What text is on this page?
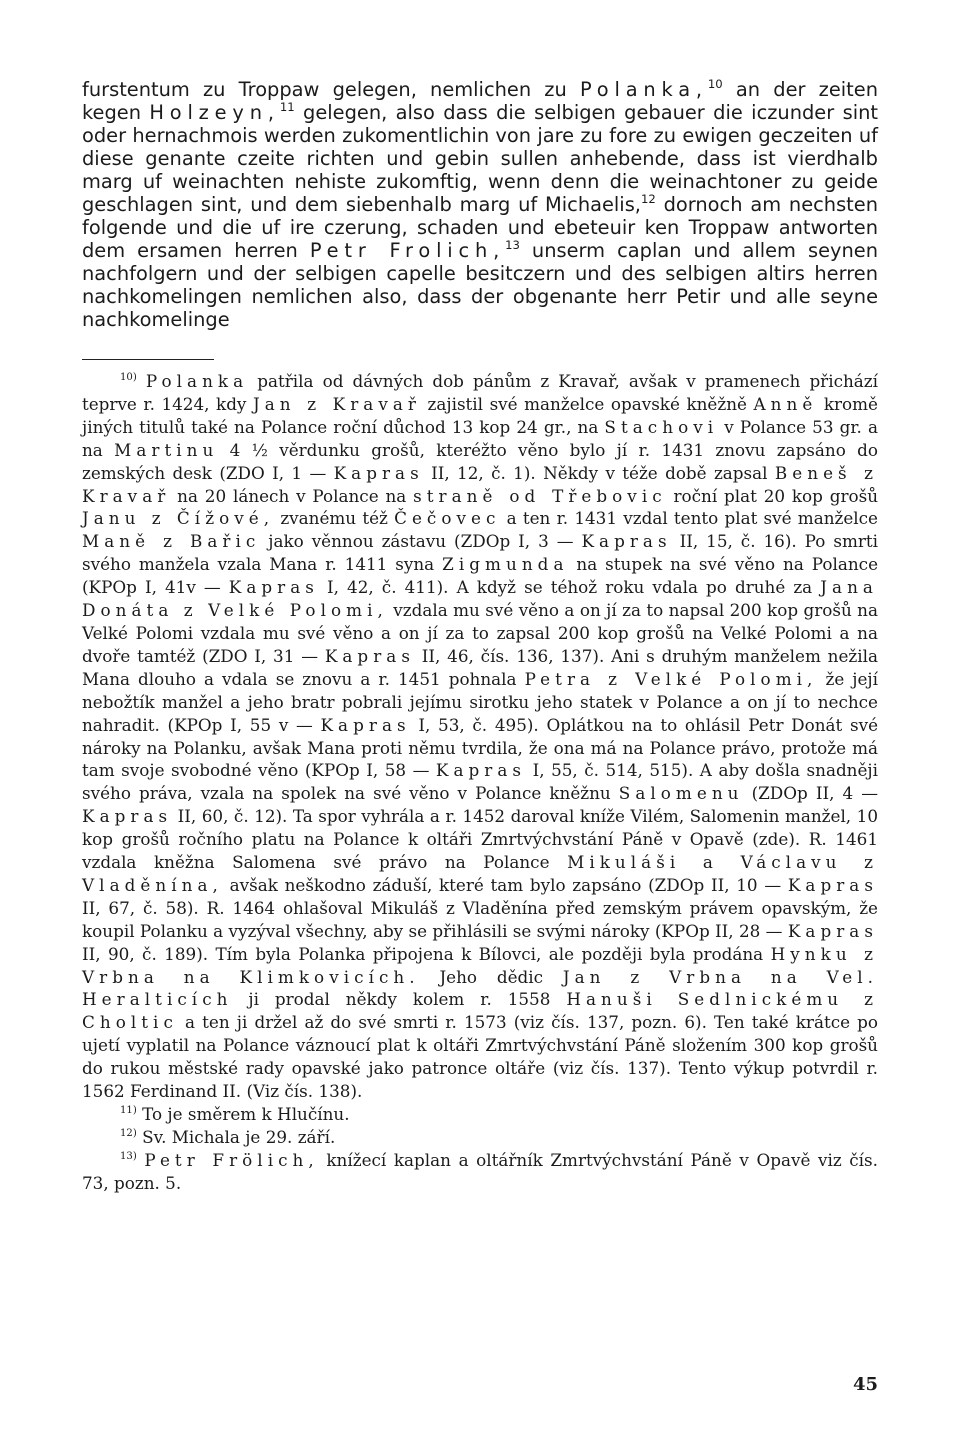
furstentum zu Troppaw gelegen, nemlichen zu Polanka,$^{10}$ an der zeiten kegen Holzeyn,$^{11}$ gelegen, also dass die selbigen gebauer die iczunder sint oder hernachmois werden zukomentlichin von jare zu fore zu ewigen geczeiten uf diese genante czeite richten und gebin sullen anhebende, dass ist vierdhalb marg uf weinachten nehiste zukomftig, wenn denn die weinachtoner zu geide geschlagen sint, und dem siebenhalb marg uf Michaelis,$^{12}$ dornoch am nechsten folgende und die uf ire czerung, schaden und ebeteuir ken Troppaw antworten dem ersamen herren Petr Frolich,$^{13}$ unserm caplan und allem seynen nachfolgern und der selbigen capelle besitczern und des selbigen altirs herren nachkomelingen nemlichen also, dass der obgenante herr Petir und alle seyne nachkomelinge

$^{10)}$ Polanka patřila od dávných dob pánům z Kravař, avšak v pramenech přichází teprve r. 1424, kdy Jan z Kravař zajistil své manželce opavské kněžně Anně kromě jiných titulů také na Polance roční důchod 13 kop 24 gr., na Stachovi v Polance 53 gr. a na Martinu 4 ½ věrdunku grošů, kteréžto věno bylo jí r. 1431 znovu zapsáno do zemských desk (ZDO I, 1 — Kapras II, 12, č. 1). Někdy v téže době zapsal Beneš z Kravař na 20 lánech v Polance na straně od Třebovic roční plat 20 kop grošů Janu z Čížové, zvanému též Čečovec a ten r. 1431 vzdal tento plat své manželce Maně z Bařic jako věnnou zástavu (ZDOp I, 3 — Kapras II, 15, č. 16). Po smrti svého manžela vzala Mana r. 1411 syna Zigmunda na stupek na své věno na Polance (KPOp I, 41v — Kapras I, 42, č. 411). A když se téhož roku vdala po druhé za Jana Donáta z Velké Polomi, vzdala mu své věno a on jí za to napsal 200 kop grošů na Velké Polomi vzdala mu své věno a on jí za to zapsal 200 kop grošů na Velké Polomi a na dvoře tamtéž (ZDO I, 31 — Kapras II, 46, čís. 136, 137). Ani s druhým manželem nežila Mana dlouho a vdala se znovu a r. 1451 pohnala Petra z Velké Polomi, že její nebožtík manžel a jeho bratr pobrali jejímu sirotku jeho statek v Polance a on jí to nechce nahradit. (KPOp I, 55 v — Kapras I, 53, č. 495). Oplátkou na to ohlásil Petr Donát své nároky na Polanku, avšak Mana proti němu tvrdila, že ona má na Polance právo, protože má tam svoje svobodné věno (KPOp I, 58 — Kapras I, 55, č. 514, 515). A aby došla snadněji svého práva, vzala na spolek na své věno v Polance kněžnu Salomenu (ZDOp II, 4 — Kapras II, 60, č. 12). Ta spor vyhrála a r. 1452 daroval kníže Vilém, Salomenin manžel, 10 kop grošů ročního platu na Polance k oltáři Zmrtvýchvstání Páně v Opavě (zde). R. 1461 vzdala kněžna Salomena své právo na Polance Mikuláši a Václavu z Vladěnína, avšak neškodno záduší, které tam bylo zapsáno (ZDOp II, 10 — Kapras II, 67, č. 58). R. 1464 ohlašoval Mikuláš z Vladěnína před zemským právem opavským, že koupil Polanku a vyzýval všechny, aby se přihlásili se svými nároky (KPOp II, 28 — Kapras II, 90, č. 189). Tím byla Polanka připojena k Bílovci, ale později byla prodána Hynku z Vrbna na Klimkovicích. Jeho dědic Jan z Vrbna na Vel. Heralticích ji prodal někdy kolem r. 1558 Hanuši Sedlnickému z Choltic a ten ji držel až do své smrti r. 1573 (viz čís. 137, pozn. 6). Ten také krátce po ujetí vyplatil na Polance váznoucí plat k oltáři Zmrtvýchvstání Páně složením 300 kop grošů do rukou městské rady opavské jako patronce oltáře (viz čís. 137). Tento výkup potvrdil r. 1562 Ferdinand II. (Viz čís. 138).

$^{11)}$ To je směrem k Hlučínu.

$^{12)}$ Sv. Michala je 29. září.

$^{13)}$ Petr Frölich, knížecí kaplan a oltářník Zmrtvýchvstání Páně v Opavě viz čís. 73, pozn. 5.

45
